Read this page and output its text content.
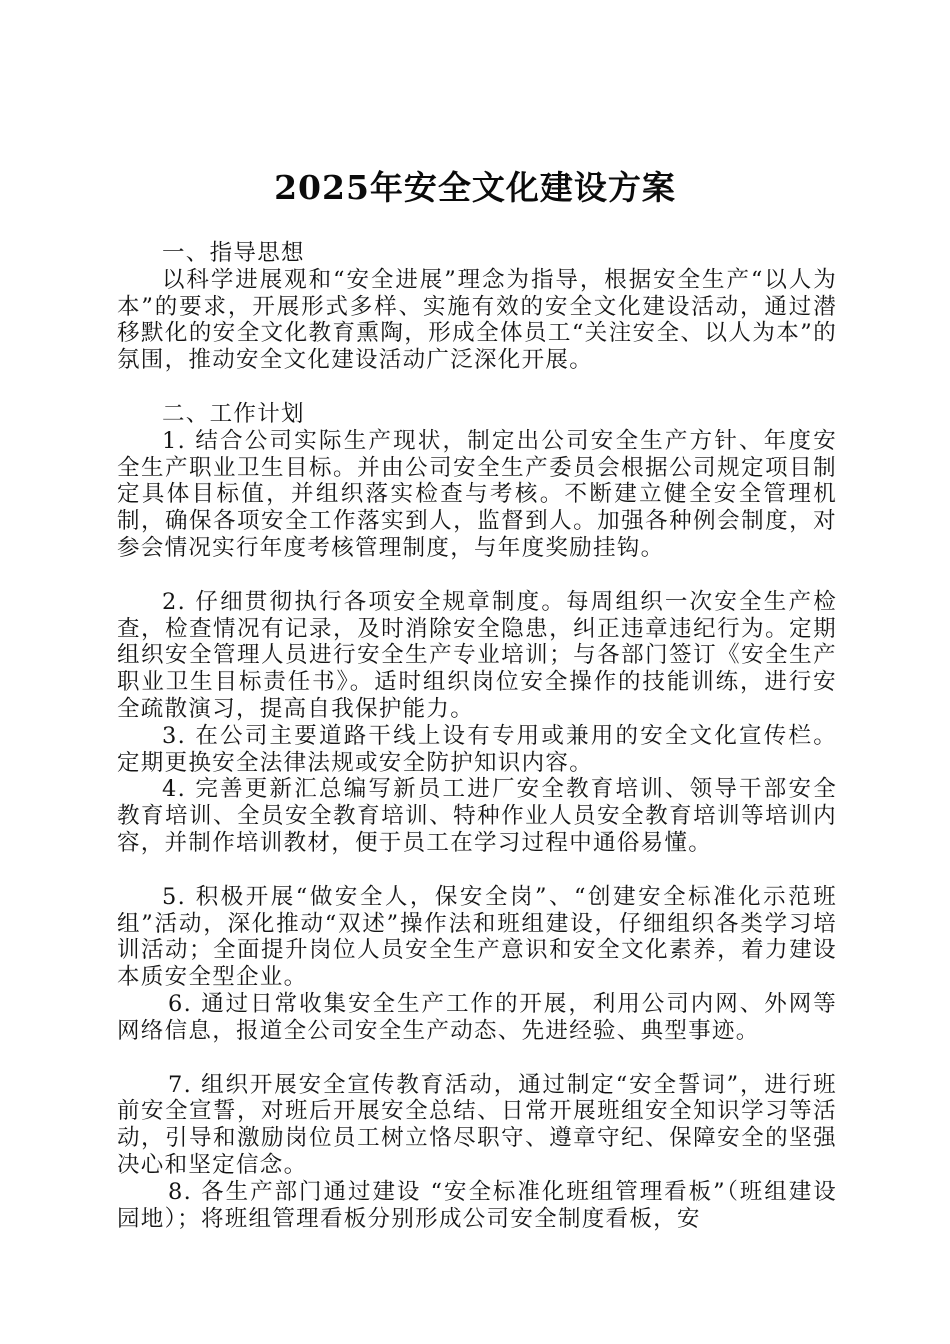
2025年安全文化建设方案

一、指导思想

以科学进展观和“安全进展”理念为指导，根据安全生产“以人为本”的要求，开展形式多样、实施有效的安全文化建设活动，通过潜移默化的安全文化教育熏陶，形成全体员工“关注安全、以人为本”的氛围，推动安全文化建设活动广泛深化开展。

二、工作计划

1. 结合公司实际生产现状，制定出公司安全生产方针、年度安全生产职业卫生目标。并由公司安全生产委员会根据公司规定项目制定具体目标值，并组织落实检查与考核。不断建立健全安全管理机制，确保各项安全工作落实到人，监督到人。加强各种例会制度，对参会情况实行年度考核管理制度，与年度奖励挂钩。

2. 仔细贯彻执行各项安全规章制度。每周组织一次安全生产检查，检查情况有记录，及时消除安全隐患，纠正违章违纪行为。定期组织安全管理人员进行安全生产专业培训；与各部门签订《安全生产职业卫生目标责任书》。适时组织岗位安全操作的技能训练，进行安全疏散演习，提高自我保护能力。

3. 在公司主要道路干线上设有专用或兼用的安全文化宣传栏。定期更换安全法律法规或安全防护知识内容。

4. 完善更新汇总编写新员工进厂安全教育培训、领导干部安全教育培训、全员安全教育培训、特种作业人员安全教育培训等培训内容，并制作培训教材，便于员工在学习过程中通俗易懂。

5. 积极开展“做安全人，保安全岗”、“创建安全标准化示范班组”活动，深化推动“双述”操作法和班组建设，仔细组织各类学习培训活动；全面提升岗位人员安全生产意识和安全文化素养，着力建设本质安全型企业。

6. 通过日常收集安全生产工作的开展，利用公司内网、外网等网络信息，报道全公司安全生产动态、先进经验、典型事迹。

7. 组织开展安全宣传教育活动，通过制定“安全誓词”，进行班前安全宣誓，对班后开展安全总结、日常开展班组安全知识学习等活动，引导和激励岗位员工树立恪尽职守、遵章守纪、保障安全的坚强决心和坚定信念。

8. 各生产部门通过建设 “安全标准化班组管理看板”（班组建设园地）；将班组管理看板分别形成公司安全制度看板，安
